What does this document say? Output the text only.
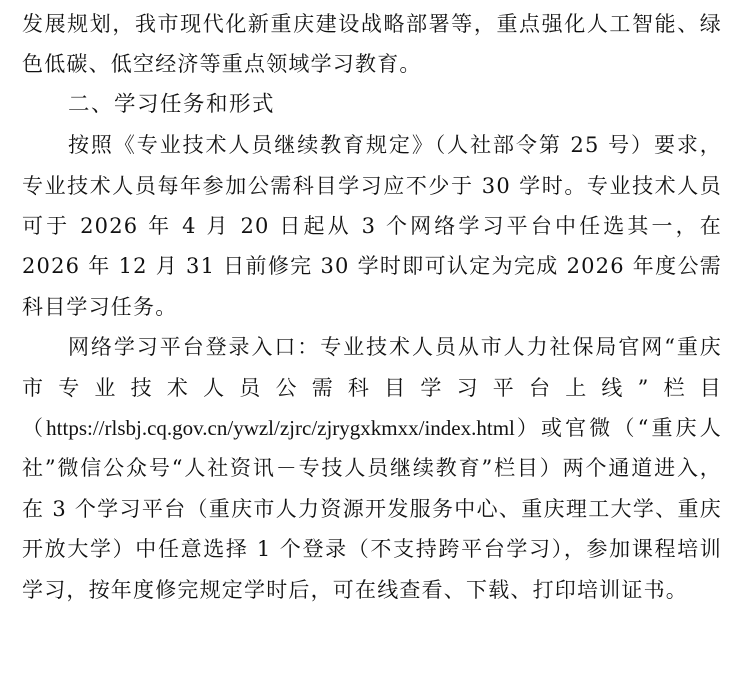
发展规划，我市现代化新重庆建设战略部署等，重点强化人工智能、绿色低碳、低空经济等重点领域学习教育。

二、学习任务和形式

按照《专业技术人员继续教育规定》（人社部令第 25 号）要求，专业技术人员每年参加公需科目学习应不少于 30 学时。专业技术人员可于 2026 年 4 月 20 日起从 3 个网络学习平台中任选其一，在 2026 年 12 月 31 日前修完 30 学时即可认定为完成 2026 年度公需科目学习任务。

网络学习平台登录入口：专业技术人员从市人力社保局官网“重庆市专业技术人员公需科目学习平台上线”栏目（https://rlsbj.cq.gov.cn/ywzl/zjrc/zjrygxkmxx/index.html）或官微（“重庆人社”微信公众号“人社资讯－专技人员继续教育”栏目）两个通道进入，在 3 个学习平台（重庆市人力资源开发服务中心、重庆理工大学、重庆开放大学）中任意选择 1 个登录（不支持跨平台学习），参加课程培训学习，按年度修完规定学时后，可在线查看、下载、打印培训证书。
